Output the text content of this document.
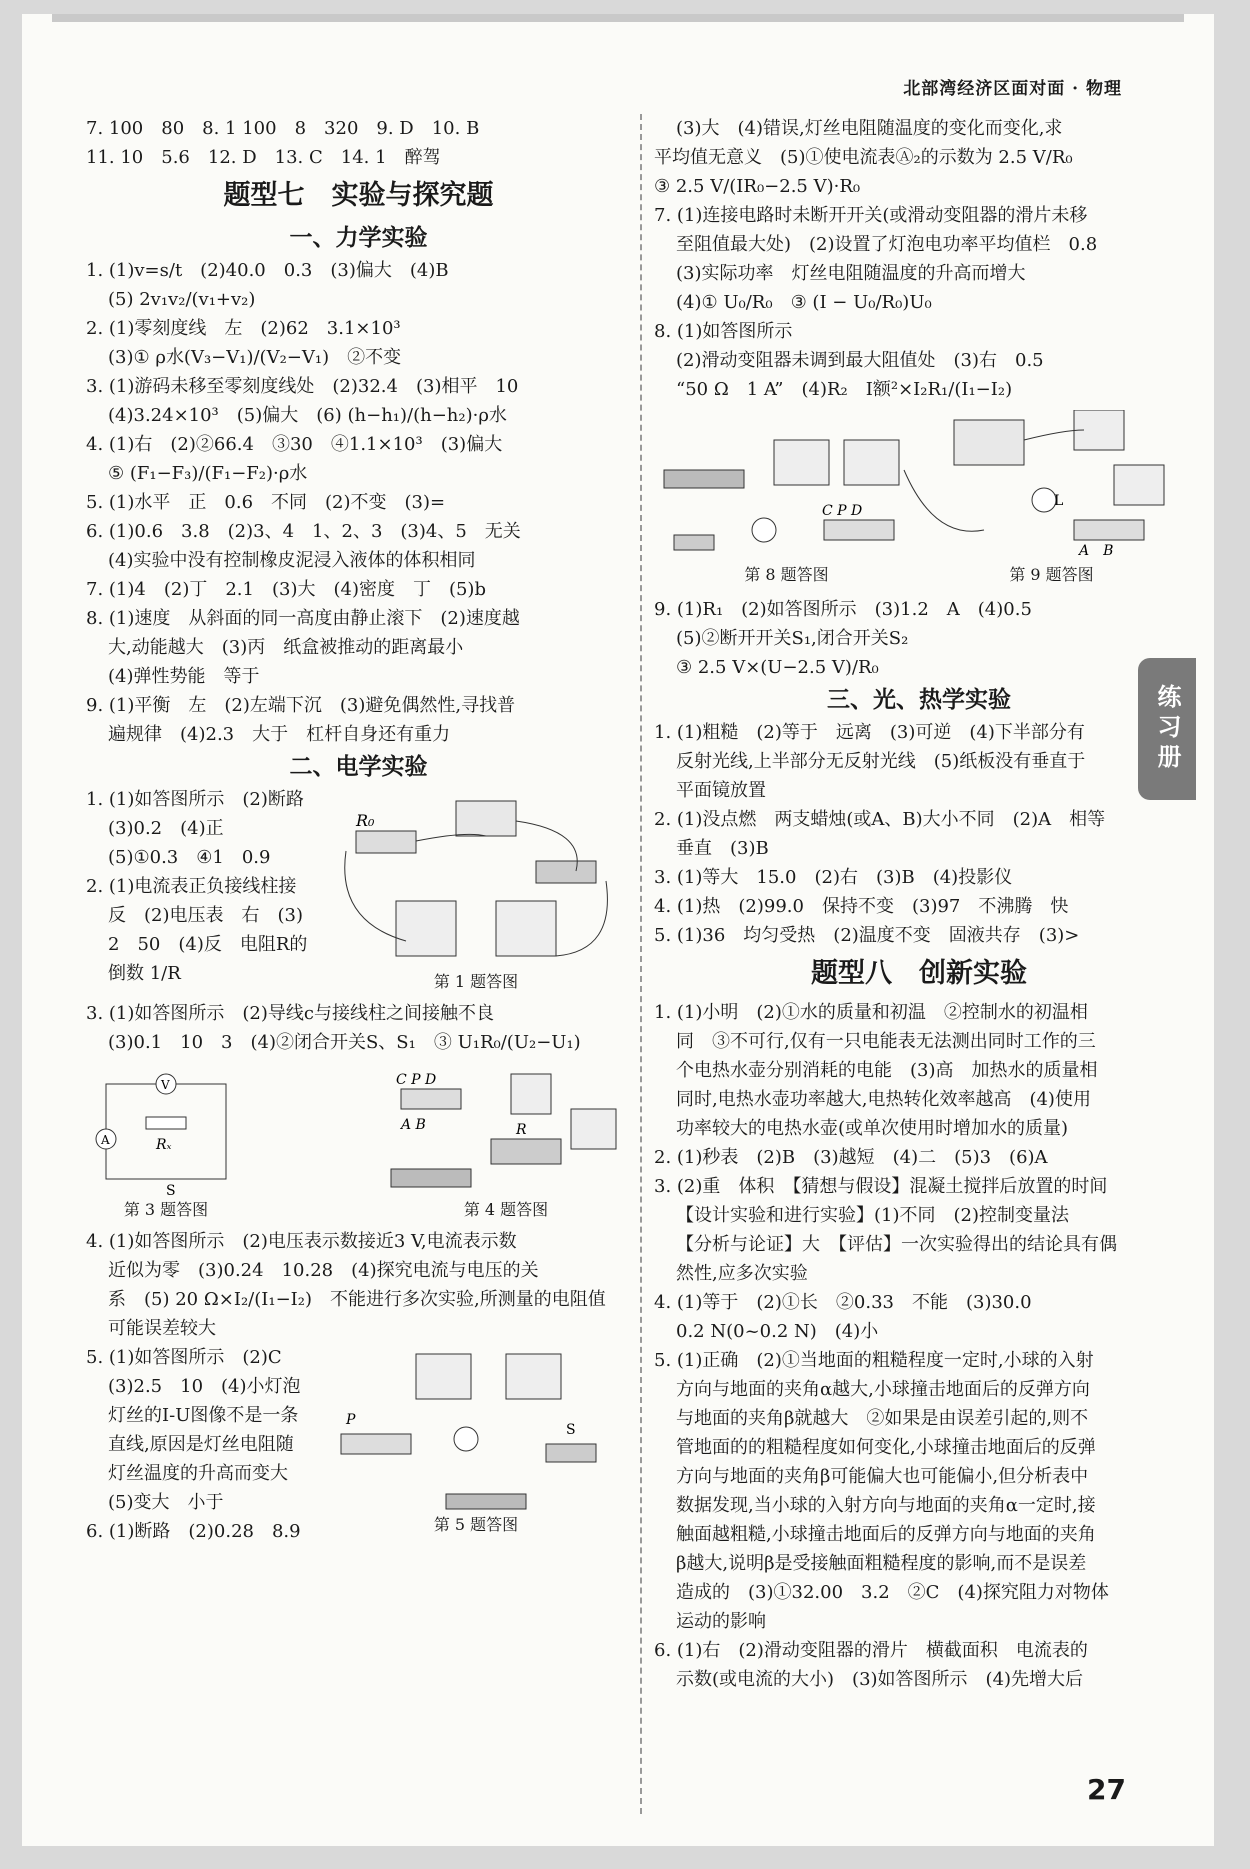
北部湾经济区面对面 · 物理
7. 100　80　8. 1 100　8　320　9. D　10. B
11. 10　5.6　12. D　13. C　14. 1　醉驾
题型七　实验与探究题
一、力学实验
1. (1)v=s/t　(2)40.0　0.3　(3)偏大　(4)B
(5) 2v₁v₂/(v₁+v₂)
2. (1)零刻度线　左　(2)62　3.1×10³
(3)① ρ水(V₃−V₁)/(V₂−V₁)　②不变
3. (1)游码未移至零刻度线处　(2)32.4　(3)相平　10
(4)3.24×10³　(5)偏大　(6) (h−h₁)/(h−h₂)·ρ水
4. (1)右　(2)②66.4　③30　④1.1×10³　(3)偏大
⑤ (F₁−F₃)/(F₁−F₂)·ρ水
5. (1)水平　正　0.6　不同　(2)不变　(3)=
6. (1)0.6　3.8　(2)3、4　1、2、3　(3)4、5　无关
(4)实验中没有控制橡皮泥浸入液体的体积相同
7. (1)4　(2)丁　2.1　(3)大　(4)密度　丁　(5)b
8. (1)速度　从斜面的同一高度由静止滚下　(2)速度越
大,动能越大　(3)丙　纸盒被推动的距离最小
(4)弹性势能　等于
9. (1)平衡　左　(2)左端下沉　(3)避免偶然性,寻找普
遍规律　(4)2.3　大于　杠杆自身还有重力
二、电学实验
1. (1)如答图所示　(2)断路
(3)0.2　(4)正
(5)①0.3　④1　0.9
2. (1)电流表正负接线柱接
反　(2)电压表　右　(3)
2　50　(4)反　电阻R的
倒数 1/R
R₀
第 1 题答图
3. (1)如答图所示　(2)导线c与接线柱之间接触不良
(3)0.1　10　3　(4)②闭合开关S、S₁　③ U₁R₀/(U₂−U₁)
V
A	Rₓ
S
第 3 题答图
C P D
A B	R
第 4 题答图
4. (1)如答图所示　(2)电压表示数接近3 V,电流表示数
近似为零　(3)0.24　10.28　(4)探究电流与电压的关
系　(5) 20 Ω×I₂/(I₁−I₂)　不能进行多次实验,所测量的电阻值
可能误差较大
5. (1)如答图所示　(2)C
(3)2.5　10　(4)小灯泡
灯丝的I-U图像不是一条
直线,原因是灯丝电阻随
灯丝温度的升高而变大
(5)变大　小于
6. (1)断路　(2)0.28　8.9
P
S
第 5 题答图
(3)大　(4)错误,灯丝电阻随温度的变化而变化,求
平均值无意义　(5)①使电流表Ⓐ₂的示数为 2.5 V/R₀
③ 2.5 V/(IR₀−2.5 V)·R₀
7. (1)连接电路时未断开开关(或滑动变阻器的滑片未移
至阻值最大处)　(2)设置了灯泡电功率平均值栏　0.8
(3)实际功率　灯丝电阻随温度的升高而增大
(4)① U₀/R₀　③ (I − U₀/R₀)U₀
8. (1)如答图所示
(2)滑动变阻器未调到最大阻值处　(3)右　0.5
“50 Ω　1 A”　(4)R₂　I额²×I₂R₁/(I₁−I₂)
C P D
L
A　B
第 8 题答图	第 9 题答图
9. (1)R₁　(2)如答图所示　(3)1.2　A　(4)0.5
(5)②断开开关S₁,闭合开关S₂
③ 2.5 V×(U−2.5 V)/R₀
三、光、热学实验
1. (1)粗糙　(2)等于　远离　(3)可逆　(4)下半部分有
反射光线,上半部分无反射光线　(5)纸板没有垂直于
平面镜放置
2. (1)没点燃　两支蜡烛(或A、B)大小不同　(2)A　相等
垂直　(3)B
3. (1)等大　15.0　(2)右　(3)B　(4)投影仪
4. (1)热　(2)99.0　保持不变　(3)97　不沸腾　快
5. (1)36　均匀受热　(2)温度不变　固液共存　(3)>
题型八　创新实验
1. (1)小明　(2)①水的质量和初温　②控制水的初温相
同　③不可行,仅有一只电能表无法测出同时工作的三
个电热水壶分别消耗的电能　(3)高　加热水的质量相
同时,电热水壶功率越大,电热转化效率越高　(4)使用
功率较大的电热水壶(或单次使用时增加水的质量)
2. (1)秒表　(2)B　(3)越短　(4)二　(5)3　(6)A
3. (2)重　体积　【猜想与假设】混凝土搅拌后放置的时间
【设计实验和进行实验】(1)不同　(2)控制变量法
【分析与论证】大　【评估】一次实验得出的结论具有偶
然性,应多次实验
4. (1)等于　(2)①长　②0.33　不能　(3)30.0
0.2 N(0~0.2 N)　(4)小
5. (1)正确　(2)①当地面的粗糙程度一定时,小球的入射
方向与地面的夹角α越大,小球撞击地面后的反弹方向
与地面的夹角β就越大　②如果是由误差引起的,则不
管地面的的粗糙程度如何变化,小球撞击地面后的反弹
方向与地面的夹角β可能偏大也可能偏小,但分析表中
数据发现,当小球的入射方向与地面的夹角α一定时,接
触面越粗糙,小球撞击地面后的反弹方向与地面的夹角
β越大,说明β是受接触面粗糙程度的影响,而不是误差
造成的　(3)①32.00　3.2　②C　(4)探究阻力对物体
运动的影响
6. (1)右　(2)滑动变阻器的滑片　横截面积　电流表的
示数(或电流的大小)　(3)如答图所示　(4)先增大后
练习册
27
